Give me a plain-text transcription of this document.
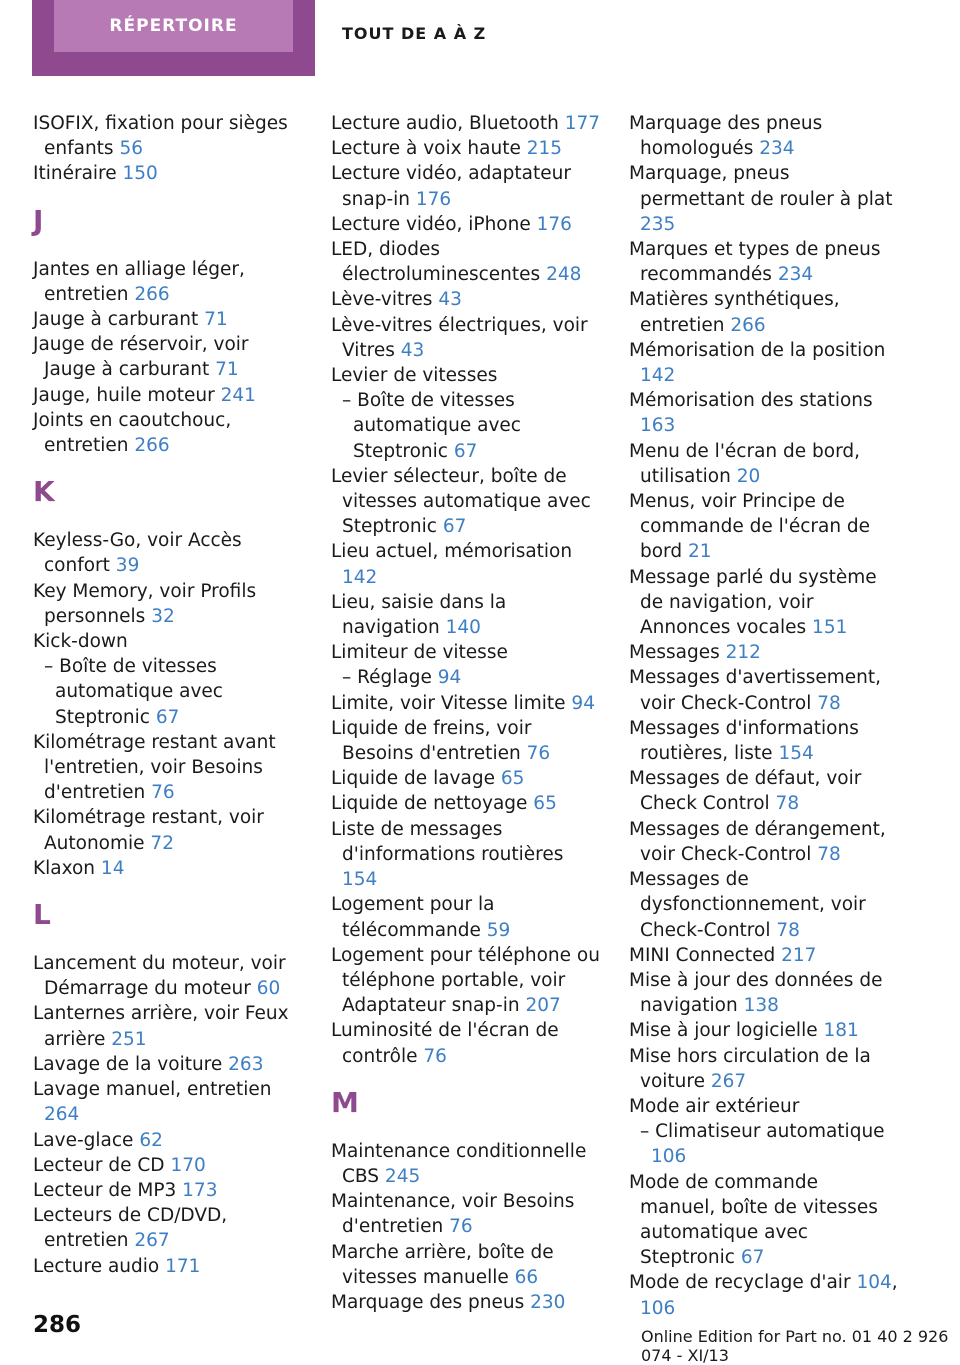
RÉPERTOIRE	TOUT DE A À Z
ISOFIX, fixation pour sièges enfants 56
Itinéraire 150
J
Jantes en alliage léger, entretien 266
Jauge à carburant 71
Jauge de réservoir, voir Jauge à carburant 71
Jauge, huile moteur 241
Joints en caoutchouc, entretien 266
K
Keyless-Go, voir Accès confort 39
Key Memory, voir Profils personnels 32
Kick-down
– Boîte de vitesses automatique avec Steptronic 67
Kilométrage restant avant l'entretien, voir Besoins d'entretien 76
Kilométrage restant, voir Autonomie 72
Klaxon 14
L
Lancement du moteur, voir Démarrage du moteur 60
Lanternes arrière, voir Feux arrière 251
Lavage de la voiture 263
Lavage manuel, entretien 264
Lave-glace 62
Lecteur de CD 170
Lecteur de MP3 173
Lecteurs de CD/DVD, entretien 267
Lecture audio 171
Lecture audio, Bluetooth 177
Lecture à voix haute 215
Lecture vidéo, adaptateur snap-in 176
Lecture vidéo, iPhone 176
LED, diodes électroluminescentes 248
Lève-vitres 43
Lève-vitres électriques, voir Vitres 43
Levier de vitesses
– Boîte de vitesses automatique avec Steptronic 67
Levier sélecteur, boîte de vitesses automatique avec Steptronic 67
Lieu actuel, mémorisation 142
Lieu, saisie dans la navigation 140
Limiteur de vitesse
– Réglage 94
Limite, voir Vitesse limite 94
Liquide de freins, voir Besoins d'entretien 76
Liquide de lavage 65
Liquide de nettoyage 65
Liste de messages d'informations routières 154
Logement pour la télécommande 59
Logement pour téléphone ou téléphone portable, voir Adaptateur snap-in 207
Luminosité de l'écran de contrôle 76
M
Maintenance conditionnelle CBS 245
Maintenance, voir Besoins d'entretien 76
Marche arrière, boîte de vitesses manuelle 66
Marquage des pneus 230
Marquage des pneus homologués 234
Marquage, pneus permettant de rouler à plat 235
Marques et types de pneus recommandés 234
Matières synthétiques, entretien 266
Mémorisation de la position 142
Mémorisation des stations 163
Menu de l'écran de bord, utilisation 20
Menus, voir Principe de commande de l'écran de bord 21
Message parlé du système de navigation, voir Annonces vocales 151
Messages 212
Messages d'avertissement, voir Check-Control 78
Messages d'informations routières, liste 154
Messages de défaut, voir Check Control 78
Messages de dérangement, voir Check-Control 78
Messages de dysfonctionnement, voir Check-Control 78
MINI Connected 217
Mise à jour des données de navigation 138
Mise à jour logicielle 181
Mise hors circulation de la voiture 267
Mode air extérieur
– Climatiseur automatique 106
Mode de commande manuel, boîte de vitesses automatique avec Steptronic 67
Mode de recyclage d'air 104, 106
286	Online Edition for Part no. 01 40 2 926 074 - XI/13
